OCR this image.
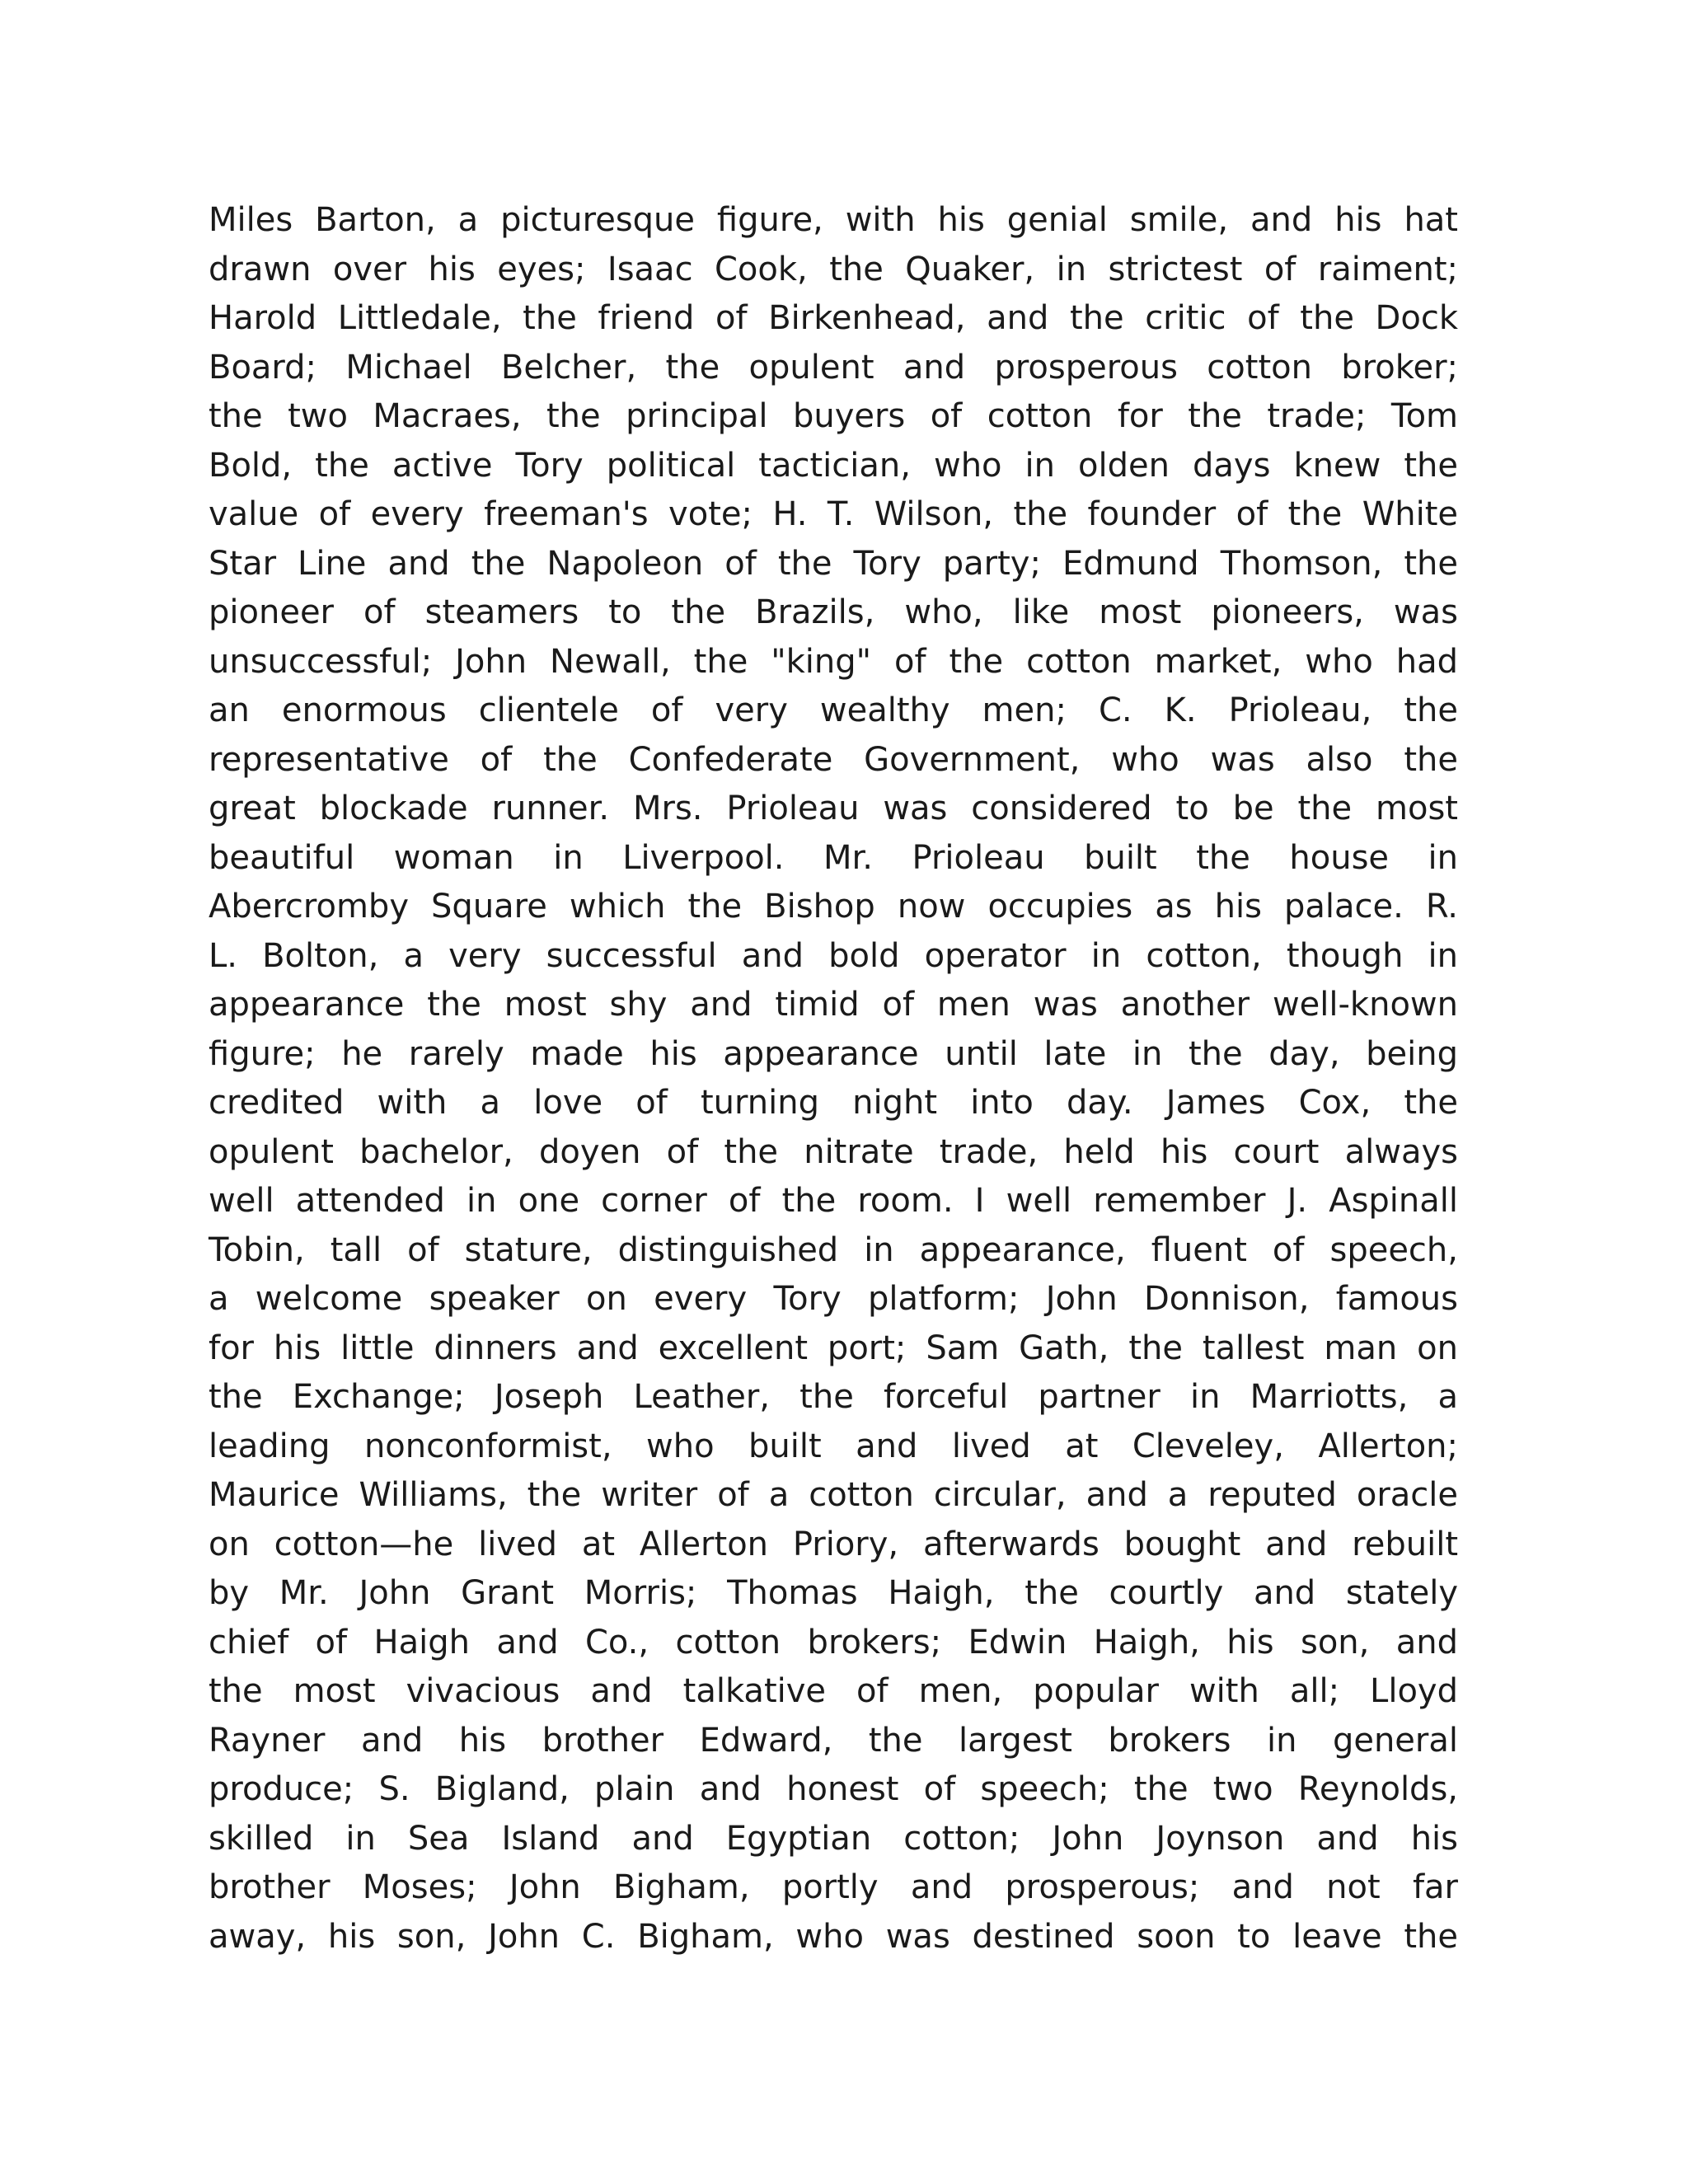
Miles Barton, a picturesque figure, with his genial smile, and his hat
drawn over his eyes; Isaac Cook, the Quaker, in strictest of raiment;
Harold Littledale, the friend of Birkenhead, and the critic of the Dock
Board; Michael Belcher, the opulent and prosperous cotton broker;
the two Macraes, the principal buyers of cotton for the trade; Tom
Bold, the active Tory political tactician, who in olden days knew the
value of every freeman's vote; H. T. Wilson, the founder of the White
Star Line and the Napoleon of the Tory party; Edmund Thomson, the
pioneer of steamers to the Brazils, who, like most pioneers, was
unsuccessful; John Newall, the "king" of the cotton market, who had
an enormous clientele of very wealthy men; C. K. Prioleau, the
representative of the Confederate Government, who was also the
great blockade runner. Mrs. Prioleau was considered to be the most
beautiful woman in Liverpool. Mr. Prioleau built the house in
Abercromby Square which the Bishop now occupies as his palace. R.
L. Bolton, a very successful and bold operator in cotton, though in
appearance the most shy and timid of men was another well-known
figure; he rarely made his appearance until late in the day, being
credited with a love of turning night into day. James Cox, the
opulent bachelor, doyen of the nitrate trade, held his court always
well attended in one corner of the room. I well remember J. Aspinall
Tobin, tall of stature, distinguished in appearance, fluent of speech,
a welcome speaker on every Tory platform; John Donnison, famous
for his little dinners and excellent port; Sam Gath, the tallest man on
the Exchange; Joseph Leather, the forceful partner in Marriotts, a
leading nonconformist, who built and lived at Cleveley, Allerton;
Maurice Williams, the writer of a cotton circular, and a reputed oracle
on cotton—he lived at Allerton Priory, afterwards bought and rebuilt
by Mr. John Grant Morris; Thomas Haigh, the courtly and stately
chief of Haigh and Co., cotton brokers; Edwin Haigh, his son, and
the most vivacious and talkative of men, popular with all; Lloyd
Rayner and his brother Edward, the largest brokers in general
produce; S. Bigland, plain and honest of speech; the two Reynolds,
skilled in Sea Island and Egyptian cotton; John Joynson and his
brother Moses; John Bigham, portly and prosperous; and not far
away, his son, John C. Bigham, who was destined soon to leave the
